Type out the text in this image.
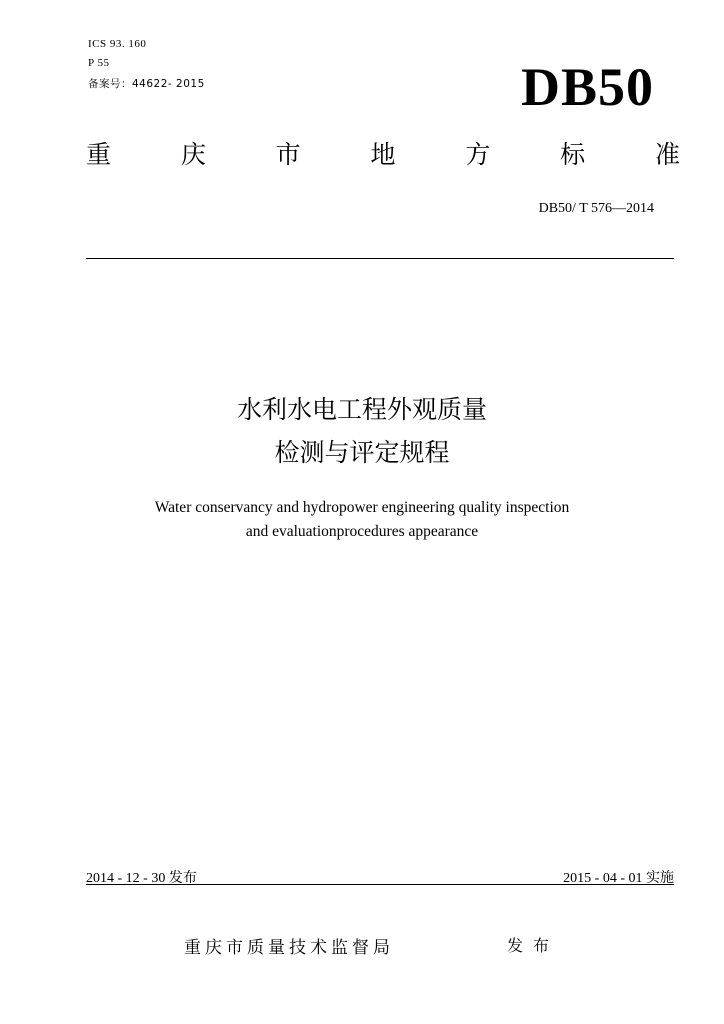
ICS 93. 160
P 55
备案号：44622- 2015	DB50
重	庆	市	地	方	标	准
DB50/ T 576—2014
水利水电工程外观质量
检测与评定规程
Water conservancy and hydropower engineering quality inspection
and evaluationprocedures appearance
2014 - 12 - 30 发布	2015 - 04 - 01 实施
重庆市质量技术监督局	发布
